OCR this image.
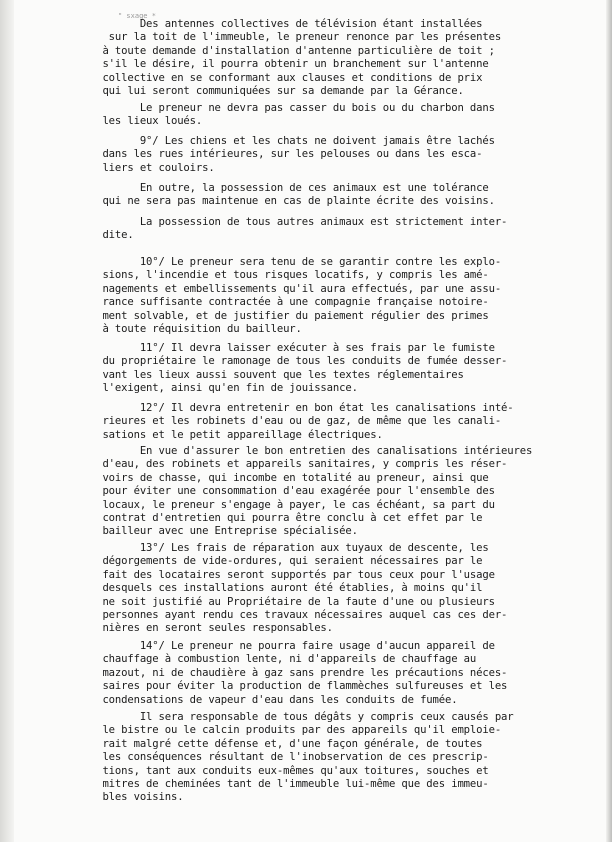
" sxage *
Des antennes collectives de télévision étant installées
sur la toit de l'immeuble, le preneur renonce par les présentes
à toute demande d'installation d'antenne particulière de toit ;
s'il le désire, il pourra obtenir un branchement sur l'antenne
collective en se conformant aux clauses et conditions de prix
qui lui seront communiquées sur sa demande par la Gérance.
Le preneur ne devra pas casser du bois ou du charbon dans
les lieux loués.
9°/ Les chiens et les chats ne doivent jamais être lachés
dans les rues intérieures, sur les pelouses ou dans les esca-
liers et couloirs.
En outre, la possession de ces animaux est une tolérance
qui ne sera pas maintenue en cas de plainte écrite des voisins.
La possession de tous autres animaux est strictement inter-
dite.
10°/ Le preneur sera tenu de se garantir contre les explo-
sions, l'incendie et tous risques locatifs, y compris les amé-
nagements et embellissements qu'il aura effectués, par une assu-
rance suffisante contractée à une compagnie française notoire-
ment solvable, et de justifier du paiement régulier des primes
à toute réquisition du bailleur.
11°/ Il devra laisser exécuter à ses frais par le fumiste
du propriétaire le ramonage de tous les conduits de fumée desser-
vant les lieux aussi souvent que les textes réglementaires
l'exigent, ainsi qu'en fin de jouissance.
12°/ Il devra entretenir en bon état les canalisations inté-
rieures et les robinets d'eau ou de gaz, de même que les canali-
sations et le petit appareillage électriques.
En vue d'assurer le bon entretien des canalisations intérieures
d'eau, des robinets et appareils sanitaires, y compris les réser-
voirs de chasse, qui incombe en totalité au preneur, ainsi que
pour éviter une consommation d'eau exagérée pour l'ensemble des
locaux, le preneur s'engage à payer, le cas échéant, sa part du
contrat d'entretien qui pourra être conclu à cet effet par le
bailleur avec une Entreprise spécialisée.
13°/ Les frais de réparation aux tuyaux de descente, les
dégorgements de vide-ordures, qui seraient nécessaires par le
fait des locataires seront supportés par tous ceux pour l'usage
desquels ces installations auront été établies, à moins qu'il
ne soit justifié au Propriétaire de la faute d'une ou plusieurs
personnes ayant rendu ces travaux nécessaires auquel cas ces der-
nières en seront seules responsables.
14°/ Le preneur ne pourra faire usage d'aucun appareil de
chauffage à combustion lente, ni d'appareils de chauffage au
mazout, ni de chaudière à gaz sans prendre les précautions néces-
saires pour éviter la production de flammèches sulfureuses et les
condensations de vapeur d'eau dans les conduits de fumée.
Il sera responsable de tous dégâts y compris ceux causés par
le bistre ou le calcin produits par des appareils qu'il emploie-
rait malgré cette défense et, d'une façon générale, de toutes
les conséquences résultant de l'inobservation de ces prescrip-
tions, tant aux conduits eux-mêmes qu'aux toitures, souches et
mitres de cheminées tant de l'immeuble lui-même que des immeu-
bles voisins.
